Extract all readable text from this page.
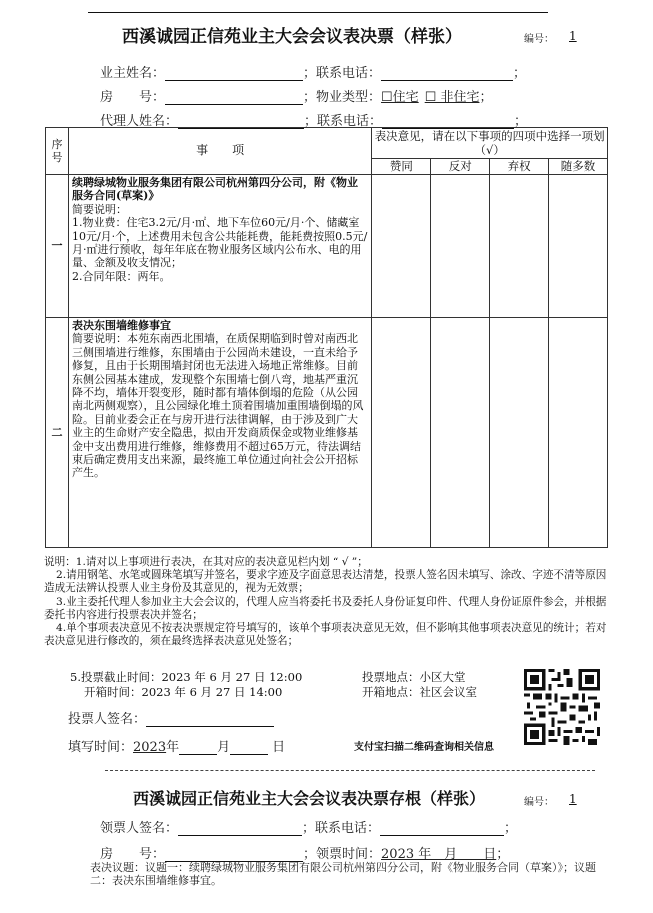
西溪诚园正信苑业主大会会议表决票（样张）	编号： 1
业主姓名：	；联系电话：	；
房　　号：	；物业类型：☐住宅 ☐ 非住宅；
代理人姓名：	；联系电话：	；
序号	事　　项	表决意见，请在以下事项的四项中选择一项划（√）			
		赞同	反对	弃权	随多数
一	续聘绿城物业服务集团有限公司杭州第四分公司，附《物业服务合同(草案)》
简要说明：
1.物业费：住宅3.2元/月·㎡、地下车位60元/月·个、储藏室10元/月·个，上述费用未包含公共能耗费，能耗费按照0.5元/月·㎡进行预收，每年年底在物业服务区域内公布水、电的用量、金额及收支情况；
2.合同年限：两年。				

二	表决东围墙维修事宜
简要说明：本苑东南西北围墙，在质保期临到时曾对南西北三侧围墙进行维修，东围墙由于公园尚未建设，一直未给予修复，且由于长期围墙封闭也无法进入场地正常维修。目前东侧公园基本建成，发现整个东围墙七倒八弯，地基严重沉降不均，墙体开裂变形，随时都有墙体倒塌的危险（从公园南北两侧观察），且公园绿化堆土顶着围墙加重围墙倒塌的风险。目前业委会正在与房开进行法律调解，由于涉及到广大业主的生命财产安全隐患，拟由开发商质保金或物业维修基金中支出费用进行维修，维修费用不超过65万元，待法调结束后确定费用支出来源，最终施工单位通过向社会公开招标产生。				

说明：1.请对以上事项进行表决，在其对应的表决意见栏内划 “ √ ”；

2.请用钢笔、水笔或圆珠笔填写并签名，要求字迹及字面意思表达清楚，投票人签名因未填写、涂改、字迹不清等原因造成无法辨认投票人业主身份及其意见的，视为无效票；

3.业主委托代理人参加业主大会会议的，代理人应当将委托书及委托人身份证复印件、代理人身份证原件参会，并根据委托书内容进行投票表决并签名；

4.单个事项表决意见不按表决票规定符号填写的，该单个事项表决意见无效，但不影响其他事项表决意见的统计；若对表决意见进行修改的，须在最终选择表决意见处签名；

5.投票截止时间：2023 年 6 月 27 日 12:00
开箱时间：2023 年 6 月 27 日 14:00
投票地点：小区大堂
开箱地点：社区会议室
投票人签名：
填写时间：2023年	月	日	支付宝扫描二维码查询相关信息
西溪诚园正信苑业主大会会议表决票存根（样张）	编号： 1
领票人签名：	；联系电话：	；
房　　号：	；领票时间：2023 年　月　　日；
表决议题：议题一：续聘绿城物业服务集团有限公司杭州第四分公司，附《物业服务合同（草案）》；议题二：表决东围墙维修事宜。
